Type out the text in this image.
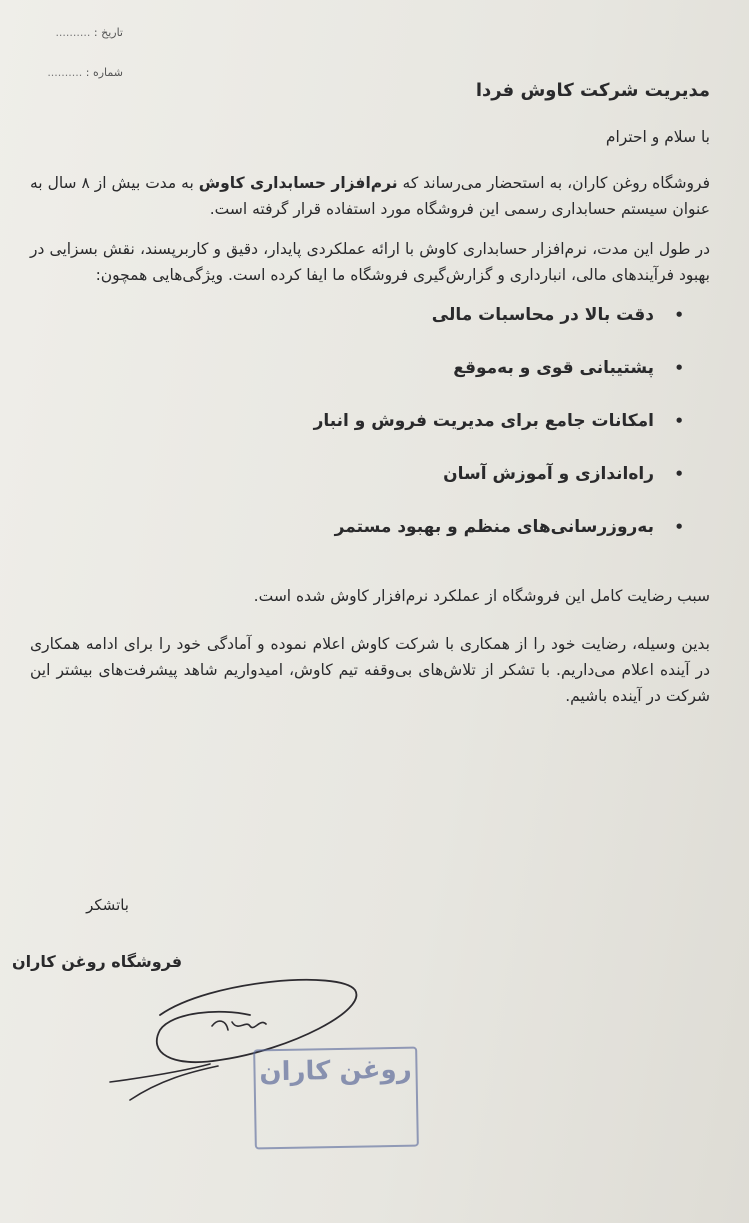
تاریخ : ..........
شماره : ..........
مدیریت شرکت کاوش فردا
با سلام و احترام

فروشگاه روغن کاران، به استحضار می‌رساند که نرم‌افزار حسابداری کاوش به مدت بیش از ۸ سال به عنوان سیستم حسابداری رسمی این فروشگاه مورد استفاده قرار گرفته است.

در طول این مدت، نرم‌افزار حسابداری کاوش با ارائه عملکردی پایدار، دقیق و کاربرپسند، نقش بسزایی در بهبود فرآیندهای مالی، انبارداری و گزارش‌گیری فروشگاه ما ایفا کرده است. ویژگی‌هایی همچون:

•
دقت بالا در محاسبات مالی
•
پشتیبانی قوی و به‌موقع
•
امکانات جامع برای مدیریت فروش و انبار
•
راه‌اندازی و آموزش آسان
•
به‌روزرسانی‌های منظم و بهبود مستمر

سبب رضایت کامل این فروشگاه از عملکرد نرم‌افزار کاوش شده است.

بدین وسیله، رضایت خود را از همکاری با شرکت کاوش اعلام نموده و آمادگی خود را برای ادامه همکاری در آینده اعلام می‌داریم. با تشکر از تلاش‌های بی‌وقفه تیم کاوش، امیدواریم شاهد پیشرفت‌های بیشتر این شرکت در آینده باشیم.

باتشکر
فروشگاه روغن کاران
روغن کاران
